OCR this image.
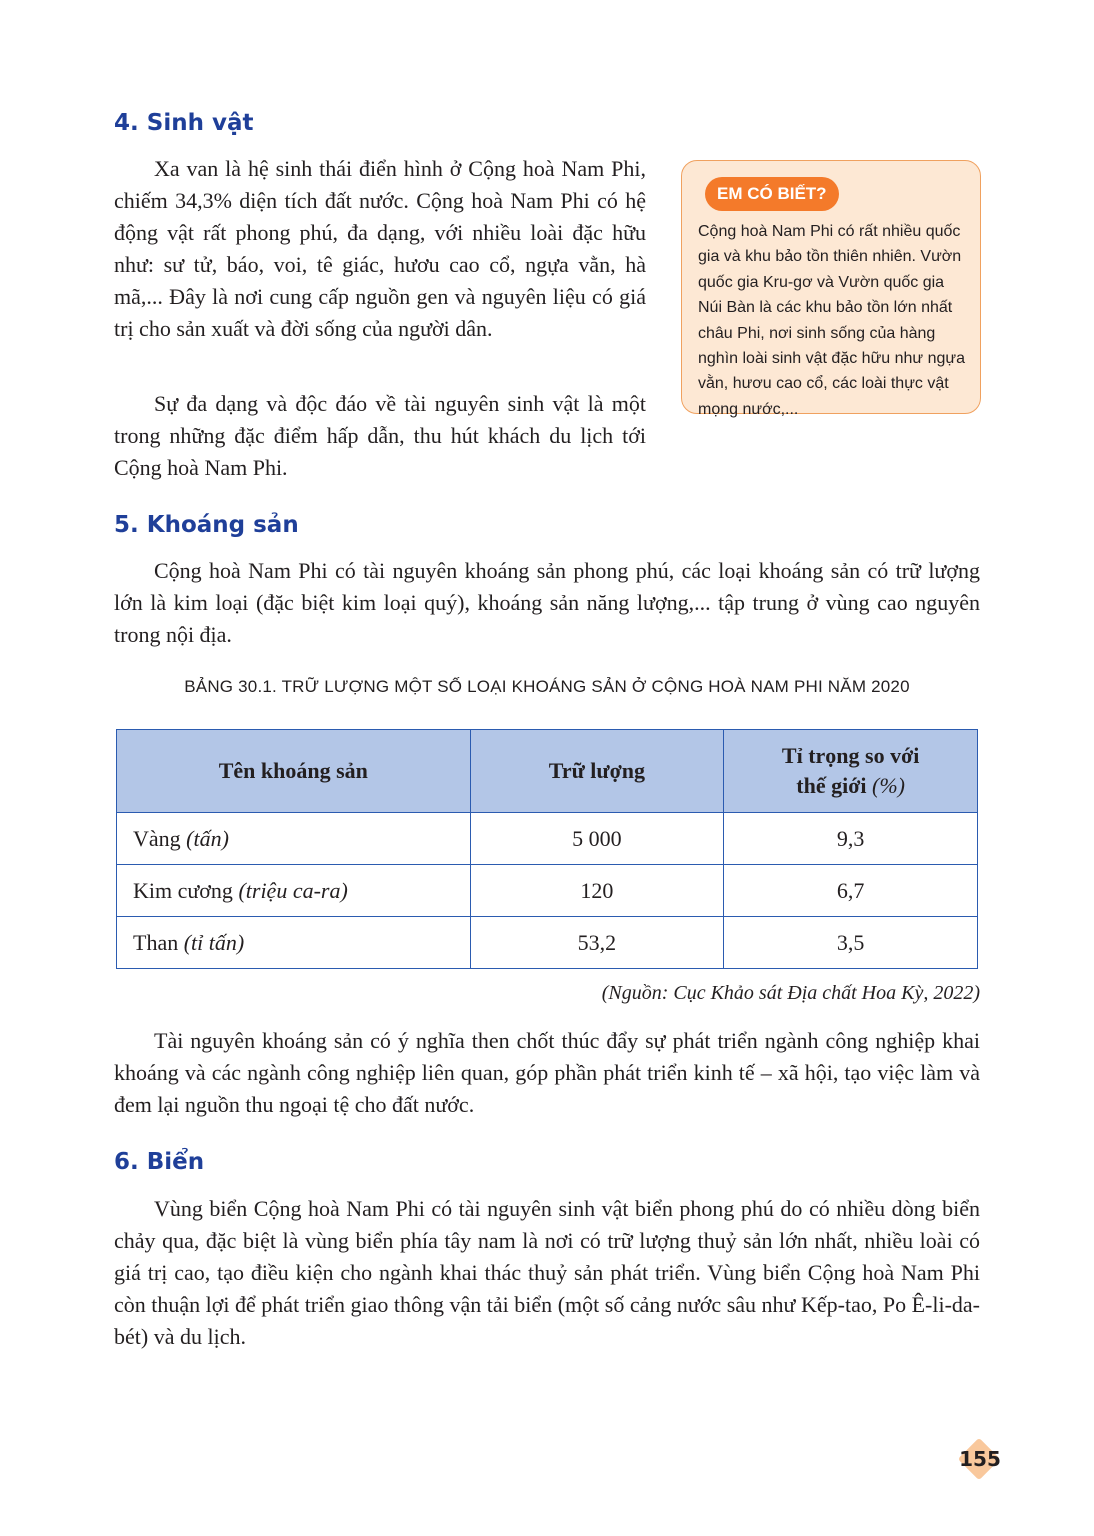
4. Sinh vật

Xa van là hệ sinh thái điển hình ở Cộng hoà Nam Phi, chiếm 34,3% diện tích đất nước. Cộng hoà Nam Phi có hệ động vật rất phong phú, đa dạng, với nhiều loài đặc hữu như: sư tử, báo, voi, tê giác, hươu cao cổ, ngựa vằn, hà mã,... Đây là nơi cung cấp nguồn gen và nguyên liệu có giá trị cho sản xuất và đời sống của người dân.

Sự đa dạng và độc đáo về tài nguyên sinh vật là một trong những đặc điểm hấp dẫn, thu hút khách du lịch tới Cộng hoà Nam Phi.

EM CÓ BIẾT?

Cộng hoà Nam Phi có rất nhiều quốc gia và khu bảo tồn thiên nhiên. Vườn quốc gia Kru-gơ và Vườn quốc gia Núi Bàn là các khu bảo tồn lớn nhất châu Phi, nơi sinh sống của hàng nghìn loài sinh vật đặc hữu như ngựa vằn, hươu cao cổ, các loài thực vật mọng nước,...

5. Khoáng sản

Cộng hoà Nam Phi có tài nguyên khoáng sản phong phú, các loại khoáng sản có trữ lượng lớn là kim loại (đặc biệt kim loại quý), khoáng sản năng lượng,... tập trung ở vùng cao nguyên trong nội địa.

BẢNG 30.1. TRỮ LƯỢNG MỘT SỐ LOẠI KHOÁNG SẢN Ở CỘNG HOÀ NAM PHI NĂM 2020

Tên khoáng sản	Trữ lượng	Tỉ trọng so với
thế giới (%)
Vàng (tấn)	5 000	9,3
Kim cương (triệu ca-ra)	120	6,7
Than (tỉ tấn)	53,2	3,5

(Nguồn: Cục Khảo sát Địa chất Hoa Kỳ, 2022)

Tài nguyên khoáng sản có ý nghĩa then chốt thúc đẩy sự phát triển ngành công nghiệp khai khoáng và các ngành công nghiệp liên quan, góp phần phát triển kinh tế – xã hội, tạo việc làm và đem lại nguồn thu ngoại tệ cho đất nước.

6. Biển

Vùng biển Cộng hoà Nam Phi có tài nguyên sinh vật biển phong phú do có nhiều dòng biển chảy qua, đặc biệt là vùng biển phía tây nam là nơi có trữ lượng thuỷ sản lớn nhất, nhiều loài có giá trị cao, tạo điều kiện cho ngành khai thác thuỷ sản phát triển. Vùng biển Cộng hoà Nam Phi còn thuận lợi để phát triển giao thông vận tải biển (một số cảng nước sâu như Kếp-tao, Po Ê-li-da-bét) và du lịch.

155
